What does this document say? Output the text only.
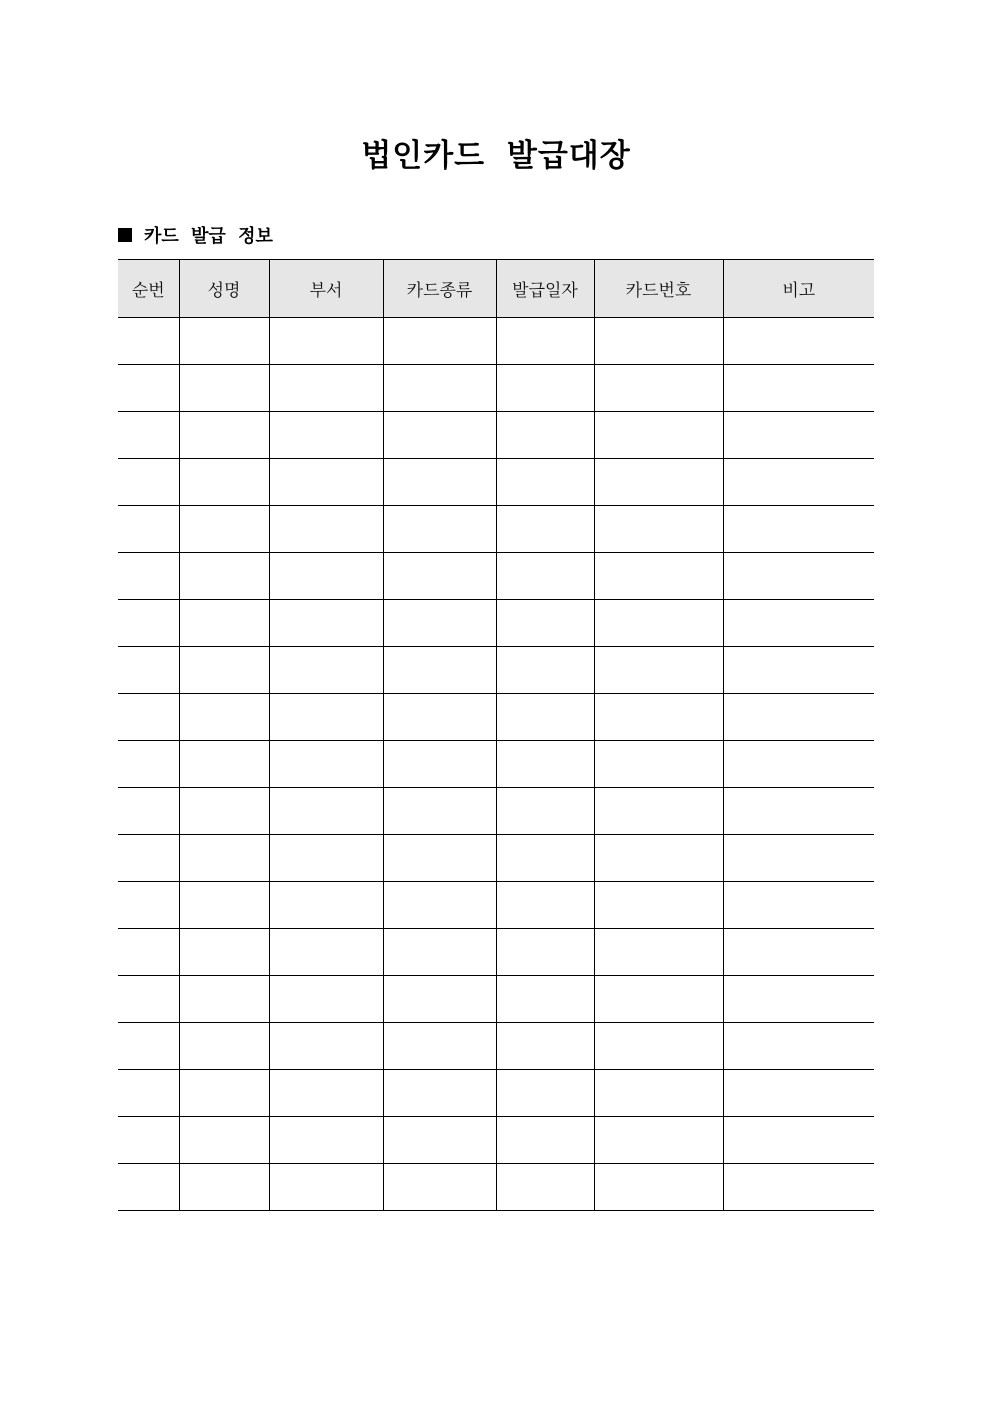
법인카드 발급대장
카드 발급 정보
순번	성명	부서	카드종류	발급일자	카드번호	비고
